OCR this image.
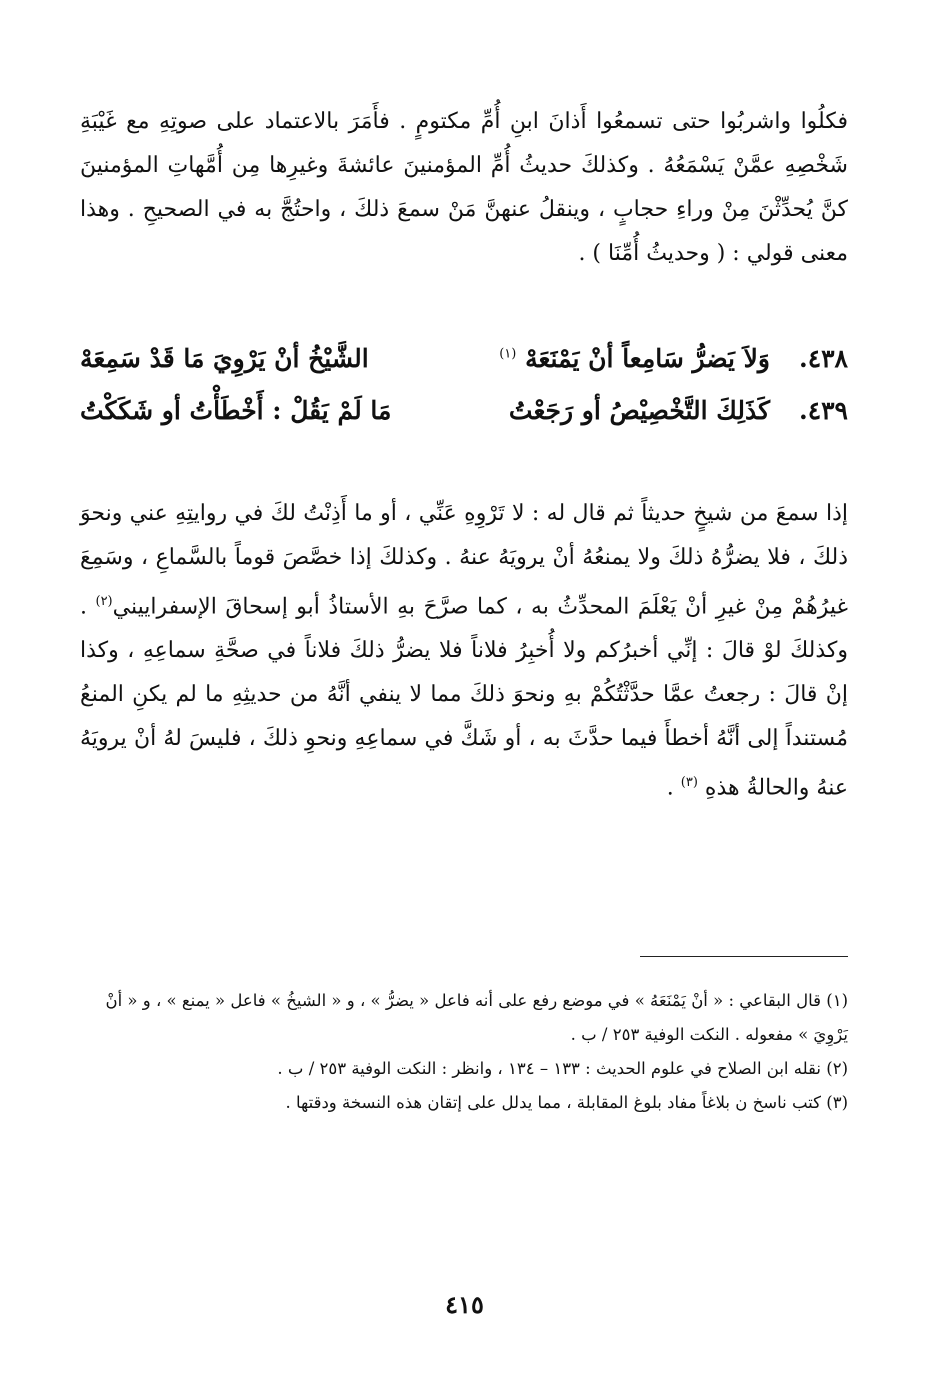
فكلُوا واشربُوا حتى تسمعُوا أَذانَ ابنِ أُمِّ مكتومٍ . فأَمَرَ بالاعتماد على صوتِهِ مع غَيْبَةِ شَخْصِهِ عمَّنْ يَسْمَعُهُ . وكذلكَ حديثُ أُمِّ المؤمنينَ عائشةَ وغيرِها مِن أُمَّهاتِ المؤمنينَ كنَّ يُحدِّثْنَ مِنْ وراءِ حجابٍ ، وينقلُ عنهنَّ مَنْ سمعَ ذلكَ ، واحتُجَّ به في الصحيحِ . وهذا معنى قولي : ( وحديثُ أُمِّنَا ) .

٤٣٨.
وَلاَ يَضرُّ سَامِعاً أنْ يَمْنَعَهْ $^{(١)}$
الشَّيْخُ أنْ يَرْوِيَ مَا قَدْ سَمِعَهْ
٤٣٩.
كَذَلِكَ التَّخْصِيْصُ أو رَجَعْتُ
مَا لَمْ يَقُلْ : أَخْطَأْتُ أو شَكَكْتُ

إذا سمعَ من شيخٍ حديثاً ثم قال له : لا تَرْوِهِ عَنِّي ، أو ما أَذِنْتُ لكَ في روايتِهِ عني ونحوَ ذلكَ ، فلا يضرُّهُ ذلكَ ولا يمنعُهُ أنْ يرويَهُ عنهُ . وكذلكَ إذا خصَّصَ قوماً بالسَّماعِ ، وسَمِعَ غيرُهُمْ مِنْ غيرِ أنْ يَعْلَمَ المحدِّثُ به ، كما صرَّحَ بهِ الأستاذُ أبو إسحاقَ الإسفراييني$^{(٢)}$ . وكذلكَ لوْ قالَ : إنِّي أخبرُكم ولا أُخبِرُ فلاناً فلا يضرُّ ذلكَ فلاناً في صحَّةِ سماعِهِ ، وكذا إنْ قالَ : رجعتُ عمَّا حدَّثْتُكُمْ بهِ ونحوَ ذلكَ مما لا ينفي أنَّهُ من حديثِهِ ما لم يكنِ المنعُ مُستنداً إلى أنَّهُ أخطأَ فيما حدَّثَ به ، أو شَكَّ في سماعِهِ ونحوِ ذلكَ ، فليسَ لهُ أنْ يرويَهُ عنهُ والحالةُ هذهِ $^{(٣)}$ .

(١) قال البقاعي : « أنْ يَمْنَعَهُ » في موضع رفع على أنه فاعل « يضرُّ » ، و « الشيخُ » فاعل « يمنع » ، و « أنْ يَرْوِيَ » مفعوله . النكت الوفية ٢٥٣ / ب .

(٢) نقله ابن الصلاح في علوم الحديث : ١٣٣ – ١٣٤ ، وانظر : النكت الوفية ٢٥٣ / ب .

(٣) كتب ناسخ ن بلاغاً مفاد بلوغ المقابلة ، مما يدلل على إتقان هذه النسخة ودقتها .

٤١٥
